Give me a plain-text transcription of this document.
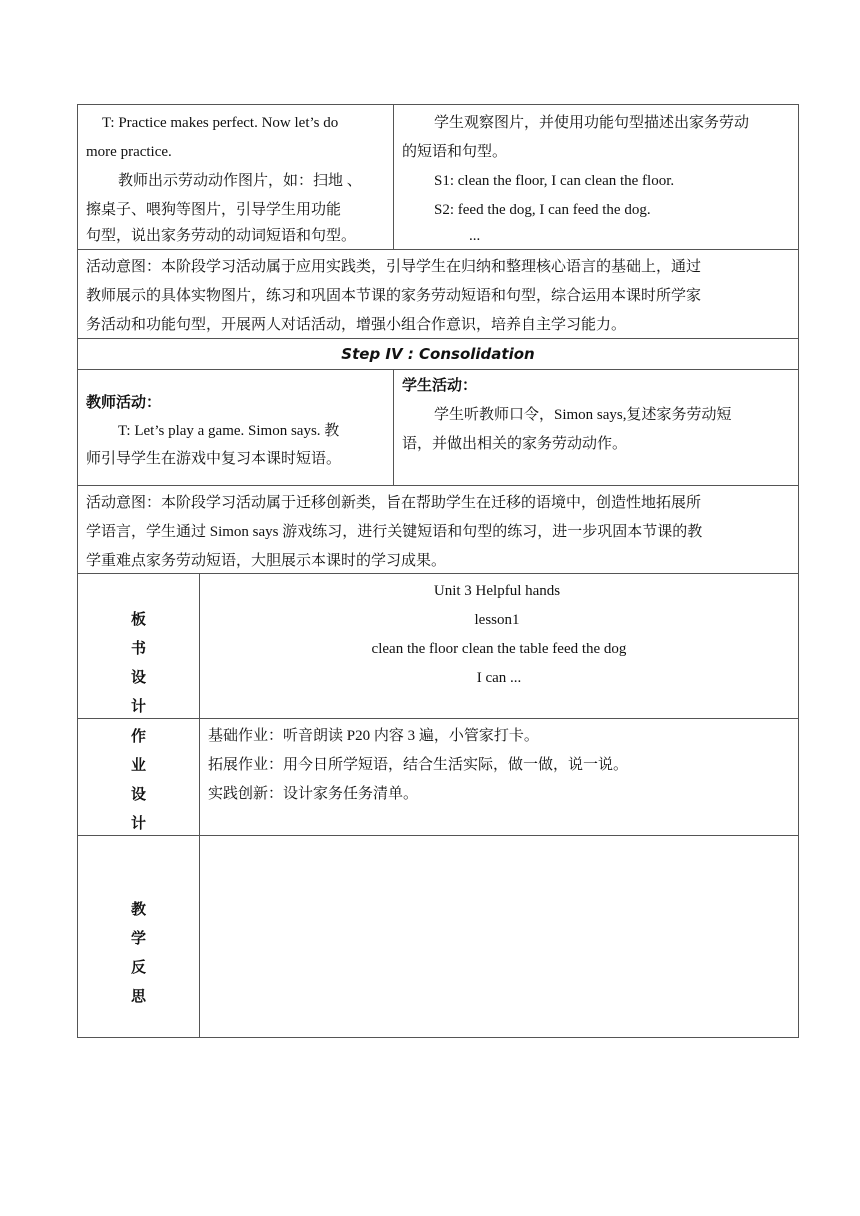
T: Practice makes perfect. Now let’s do
more practice.
教师出示劳动动作图片，如：扫地 、
擦桌子、喂狗等图片，引导学生用功能
句型，说出家务劳动的动词短语和句型。
学生观察图片，并使用功能句型描述出家务劳动
的短语和句型。
S1: clean the floor, I can clean the floor.
S2: feed the dog, I can feed the dog.
...
活动意图：本阶段学习活动属于应用实践类，引导学生在归纳和整理核心语言的基础上，通过
教师展示的具体实物图片，练习和巩固本节课的家务劳动短语和句型，综合运用本课时所学家
务活动和功能句型，开展两人对话活动，增强小组合作意识，培养自主学习能力。
Step IV : Consolidation
教师活动：
T: Let’s play a game. Simon says. 教
师引导学生在游戏中复习本课时短语。
学生活动：
学生听教师口令，Simon says,复述家务劳动短
语，并做出相关的家务劳动动作。
活动意图：本阶段学习活动属于迁移创新类，旨在帮助学生在迁移的语境中，创造性地拓展所
学语言，学生通过 Simon says 游戏练习，进行关键短语和句型的练习，进一步巩固本节课的教
学重难点家务劳动短语，大胆展示本课时的学习成果。
板
书
设
计
Unit 3 Helpful hands
lesson1
clean the floor clean the table feed the dog
I can ...
作
业
设
计
基础作业：听音朗读 P20 内容 3 遍，小管家打卡。
拓展作业：用今日所学短语，结合生活实际，做一做，说一说。
实践创新：设计家务任务清单。
教
学
反
思
